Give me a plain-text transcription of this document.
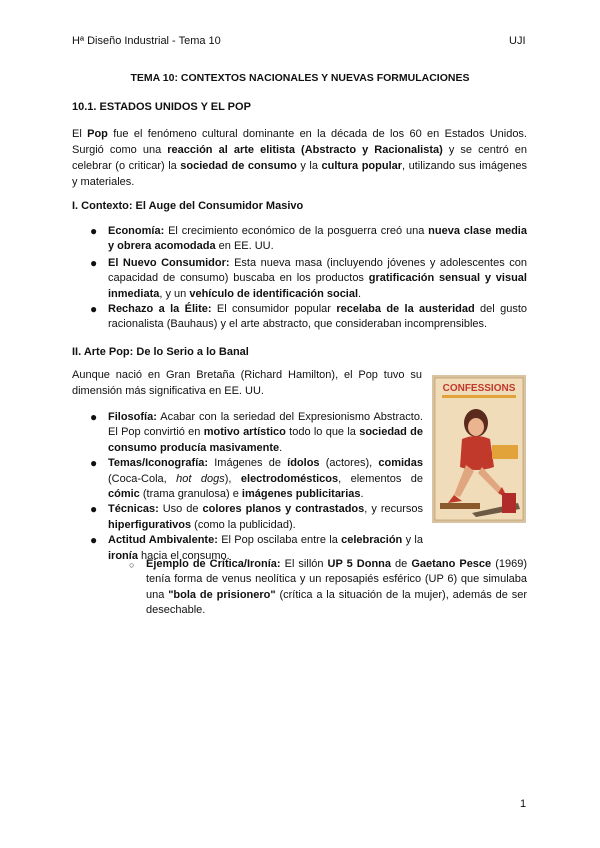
Hª Diseño Industrial - Tema 10	UJI
TEMA 10: CONTEXTOS NACIONALES Y NUEVAS FORMULACIONES
10.1. ESTADOS UNIDOS Y EL POP
El Pop fue el fenómeno cultural dominante en la década de los 60 en Estados Unidos. Surgió como una reacción al arte elitista (Abstracto y Racionalista) y se centró en celebrar (o criticar) la sociedad de consumo y la cultura popular, utilizando sus imágenes y materiales.
I. Contexto: El Auge del Consumidor Masivo
● Economía: El crecimiento económico de la posguerra creó una nueva clase media y obrera acomodada en EE. UU.
● El Nuevo Consumidor: Esta nueva masa (incluyendo jóvenes y adolescentes con capacidad de consumo) buscaba en los productos gratificación sensual y visual inmediata, y un vehículo de identificación social.
● Rechazo a la Élite: El consumidor popular recelaba de la austeridad del gusto racionalista (Bauhaus) y el arte abstracto, que consideraban incomprensibles.
II. Arte Pop: De lo Serio a lo Banal
Aunque nació en Gran Bretaña (Richard Hamilton), el Pop tuvo su dimensión más significativa en EE. UU.	CONFESSIONS
● Filosofía: Acabar con la seriedad del Expresionismo Abstracto. El Pop convirtió en motivo artístico todo lo que la sociedad de consumo producía masivamente.
● Temas/Iconografía: Imágenes de ídolos (actores), comidas (Coca-Cola, hot dogs), electrodomésticos, elementos de cómic (trama granulosa) e imágenes publicitarias.
● Técnicas: Uso de colores planos y contrastados, y recursos hiperfigurativos (como la publicidad).
● Actitud Ambivalente: El Pop oscilaba entre la celebración y la ironía hacia el consumo.
○ Ejemplo de Crítica/Ironía: El sillón UP 5 Donna de Gaetano Pesce (1969) tenía forma de venus neolítica y un reposapiés esférico (UP 6) que simulaba una "bola de prisionero" (crítica a la situación de la mujer), además de ser desechable.
1
